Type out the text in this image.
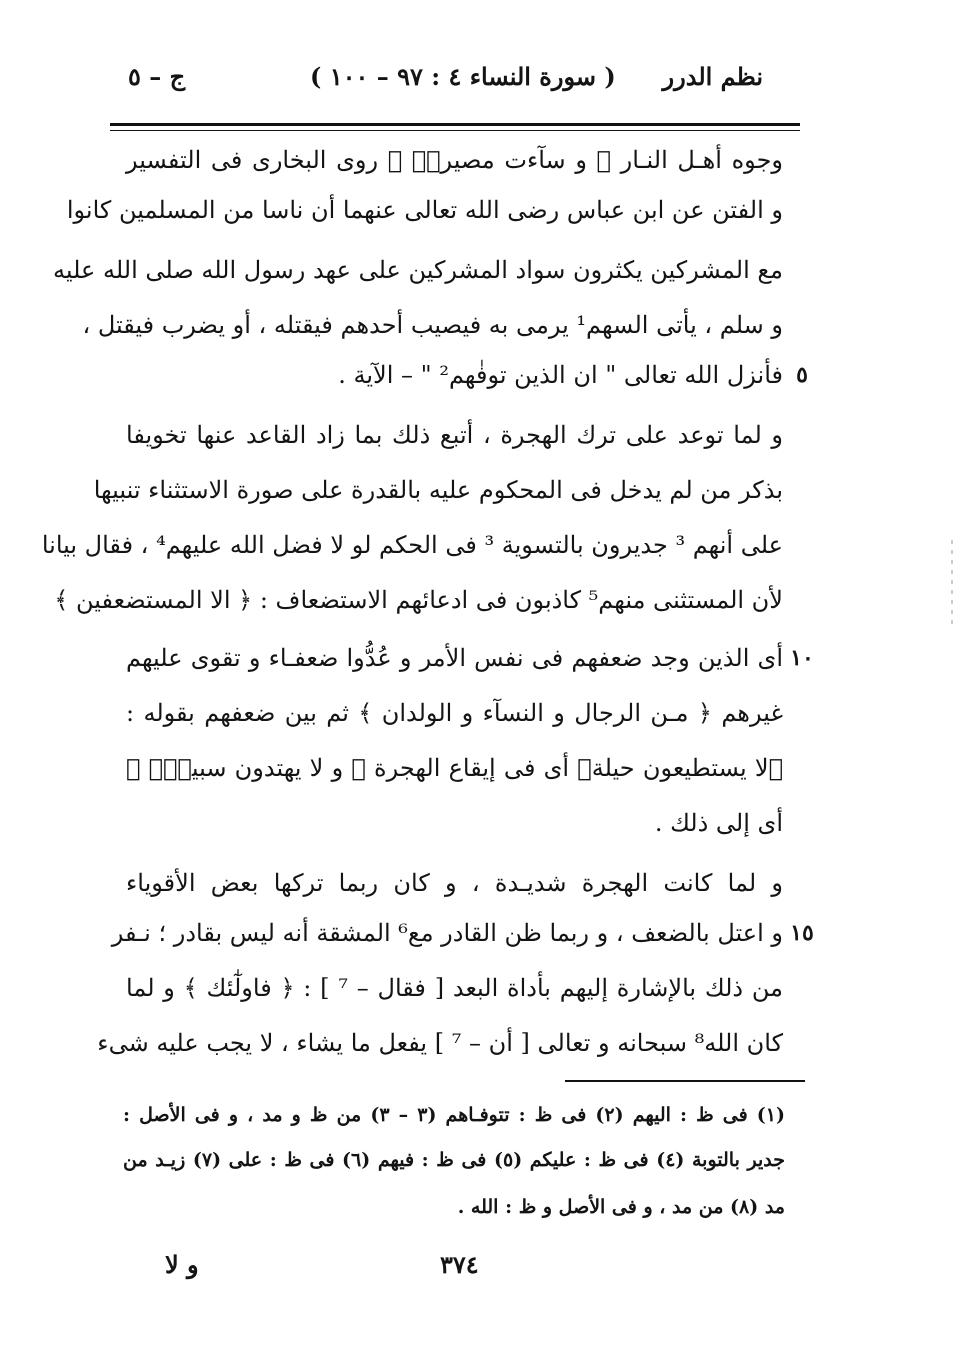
نظم الدرر
( سورة النساء ٤ : ٩٧ – ١٠٠ )
ج – ٥
وجوه أهـل النـار ﴿ و سآءت مصيراۙ ﴾ روى البخارى فى التفسير
و الفتن عن ابن عباس رضى الله تعالى عنهما أن ناسا من المسلمين كانوا
مع المشركين يكثرون سواد المشركين على عهد رسول الله صلى الله عليه
و سلم ، يأتى السهم¹ يرمى به فيصيب أحدهم فيقتله ، أو يضرب فيقتل ،
فأنزل الله تعالى " ان الذين توفٰهم² " – الآية .
و لما توعد على ترك الهجرة ، أتبع ذلك بما زاد القاعد عنها تخويفا
بذكر من لم يدخل فى المحكوم عليه بالقدرة على صورة الاستثناء تنبيها
على أنهم ³ جديرون بالتسوية ³ فى الحكم لو لا فضل الله عليهم⁴ ، فقال بيانا
لأن المستثنى منهم⁵ كاذبون فى ادعائهم الاستضعاف : ﴿ الا المستضعفين ﴾
أى الذين وجد ضعفهم فى نفس الأمر و عُدُّوا ضعفـاء و تقوى عليهم
غيرهم ﴿ مـن الرجال و النسآء و الولدان ﴾ ثم بين ضعفهم بقوله :
﴿لا يستطيعون حيلة﴾ أى فى إيقاع الهجرة ﴿ و لا يهتدون سبيلاۙ ﴾
أى إلى ذلك .
و لما كانت الهجرة شديـدة ، و كان ربما تركها بعض الأقوياء
و اعتل بالضعف ، و ربما ظن القادر مع⁶ المشقة أنه ليس بقادر ؛ نـفر
من ذلك بالإشارة إليهم بأداة البعد [ فقال – ⁷ ] : ﴿ فاولٰٓئك ﴾ و لما
كان الله⁸ سبحانه و تعالى [ أن – ⁷ ] يفعل ما يشاء ، لا يجب عليه شىء
٥
١٠
١٥
(١) فى ظ : اليهم (٢) فى ظ : تتوفـاهم (٣ – ٣) من ظ و مد ، و فى الأصل :
جدير بالتوبة (٤) فى ظ : عليكم (٥) فى ظ : فيهم (٦) فى ظ : على (٧) زيـد من
مد (٨) من مد ، و فى الأصل و ظ : الله .
٣٧٤
و لا
